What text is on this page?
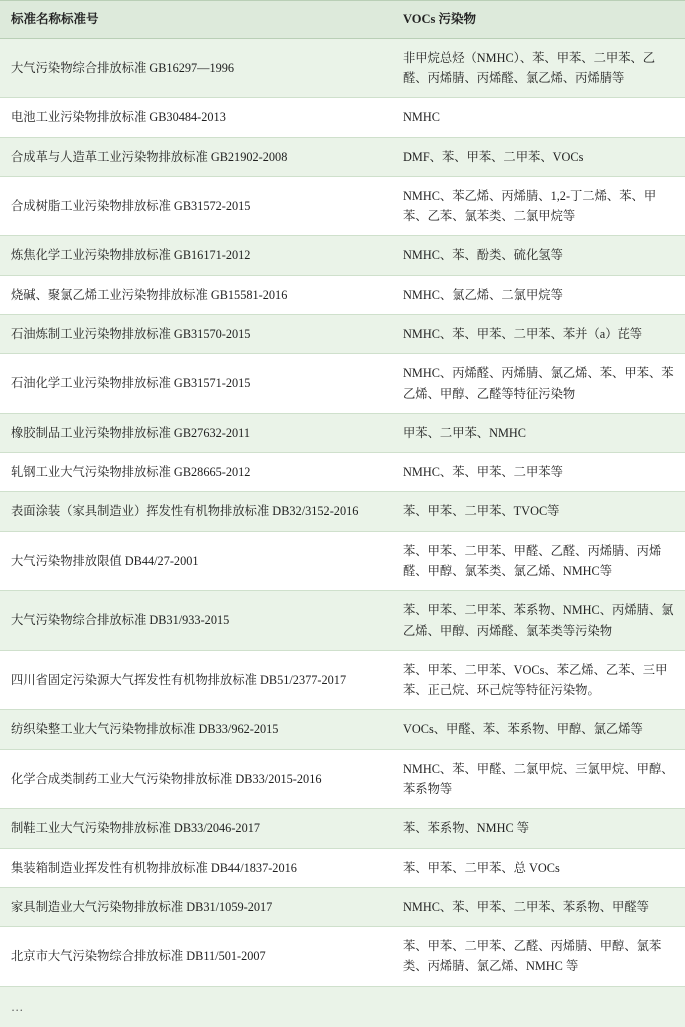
标准名称标准号	VOCs 污染物
大气污染物综合排放标准 GB16297—1996	非甲烷总烃（NMHC）、苯、甲苯、二甲苯、乙醛、丙烯腈、丙烯醛、氯乙烯、丙烯腈等
电池工业污染物排放标准 GB30484-2013	NMHC
合成革与人造革工业污染物排放标准 GB21902-2008	DMF、苯、甲苯、二甲苯、VOCs
合成树脂工业污染物排放标准 GB31572-2015	NMHC、苯乙烯、丙烯腈、1,2-丁二烯、苯、甲苯、乙苯、氯苯类、二氯甲烷等
炼焦化学工业污染物排放标准 GB16171-2012	NMHC、苯、酚类、硫化氢等
烧碱、聚氯乙烯工业污染物排放标准 GB15581-2016	NMHC、氯乙烯、二氯甲烷等
石油炼制工业污染物排放标准 GB31570-2015	NMHC、苯、甲苯、二甲苯、苯并（a）芘等
石油化学工业污染物排放标准 GB31571-2015	NMHC、丙烯醛、丙烯腈、氯乙烯、苯、甲苯、苯乙烯、甲醇、乙醛等特征污染物
橡胶制品工业污染物排放标准 GB27632-2011	甲苯、二甲苯、NMHC
轧钢工业大气污染物排放标准 GB28665-2012	NMHC、苯、甲苯、二甲苯等
表面涂装（家具制造业）挥发性有机物排放标准 DB32/3152-2016	苯、甲苯、二甲苯、TVOC等
大气污染物排放限值 DB44/27-2001	苯、甲苯、二甲苯、甲醛、乙醛、丙烯腈、丙烯醛、甲醇、氯苯类、氯乙烯、NMHC等
大气污染物综合排放标准 DB31/933-2015	苯、甲苯、二甲苯、苯系物、NMHC、丙烯腈、氯乙烯、甲醇、丙烯醛、氯苯类等污染物
四川省固定污染源大气挥发性有机物排放标准 DB51/2377-2017	苯、甲苯、二甲苯、VOCs、苯乙烯、乙苯、三甲苯、正己烷、环己烷等特征污染物。
纺织染整工业大气污染物排放标准 DB33/962-2015	VOCs、甲醛、苯、苯系物、甲醇、氯乙烯等
化学合成类制药工业大气污染物排放标准 DB33/2015-2016	NMHC、苯、甲醛、二氯甲烷、三氯甲烷、甲醇、苯系物等
制鞋工业大气污染物排放标准 DB33/2046-2017	苯、苯系物、NMHC 等
集装箱制造业挥发性有机物排放标准 DB44/1837-2016	苯、甲苯、二甲苯、总 VOCs
家具制造业大气污染物排放标准 DB31/1059-2017	NMHC、苯、甲苯、二甲苯、苯系物、甲醛等
北京市大气污染物综合排放标准 DB11/501-2007	苯、甲苯、二甲苯、乙醛、丙烯腈、甲醇、氯苯类、丙烯腈、氯乙烯、NMHC 等
…	
